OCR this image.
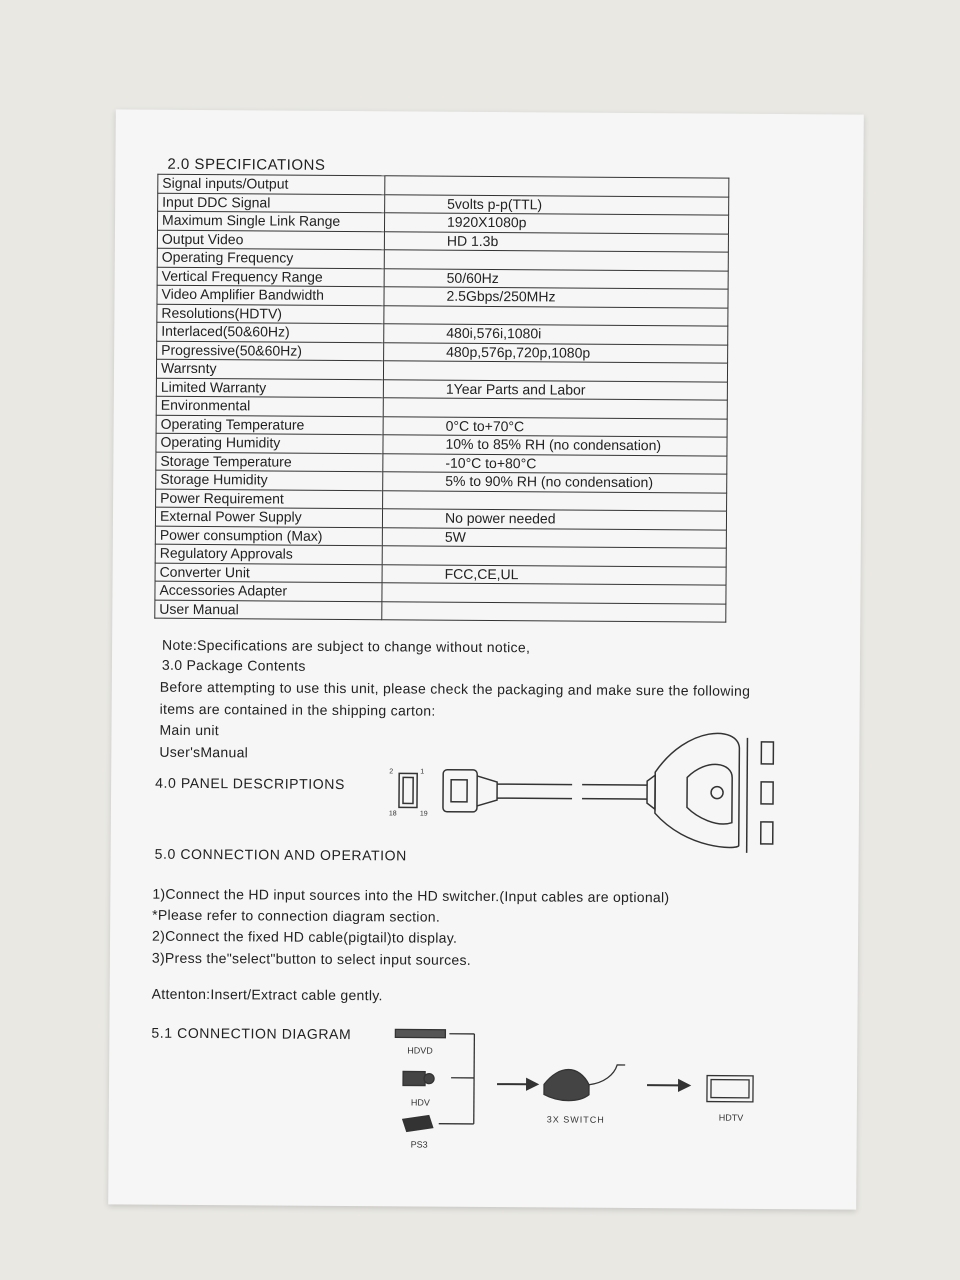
2.0 SPECIFICATIONS
Signal inputs/Output	
Input DDC Signal	5volts p-p(TTL)
Maximum Single Link Range	1920X1080p
Output Video	HD 1.3b
Operating Frequency	
Vertical Frequency Range	50/60Hz
Video Amplifier Bandwidth	2.5Gbps/250MHz
Resolutions(HDTV)	
Interlaced(50&60Hz)	480i,576i,1080i
Progressive(50&60Hz)	480p,576p,720p,1080p
Warrsnty	
Limited Warranty	1Year Parts and Labor
Environmental	
Operating Temperature	0°C to+70°C
Operating Humidity	10% to 85% RH (no condensation)
Storage Temperature	-10°C to+80°C
Storage Humidity	5% to 90% RH (no condensation)
Power Requirement	
External Power Supply	No power needed
Power consumption (Max)	5W
Regulatory Approvals	
Converter Unit	FCC,CE,UL
Accessories Adapter	
User Manual	
Note:Specifications are subject to change without notice,
3.0 Package Contents
Before attempting to use this unit, please check the packaging and make sure the following
items are contained in the shipping carton:
Main unit
User'sManual
4.0 PANEL DESCRIPTIONS
2	1
18	19
5.0 CONNECTION AND OPERATION
1)Connect the HD input sources into the HD switcher.(Input cables are optional)
*Please refer to connection diagram section.
2)Connect the fixed HD cable(pigtail)to display.
3)Press the"select"button to select input sources.
Attenton:Insert/Extract cable gently.
5.1 CONNECTION DIAGRAM
HDVD
HDV
PS3
3X SWITCH	HDTV
